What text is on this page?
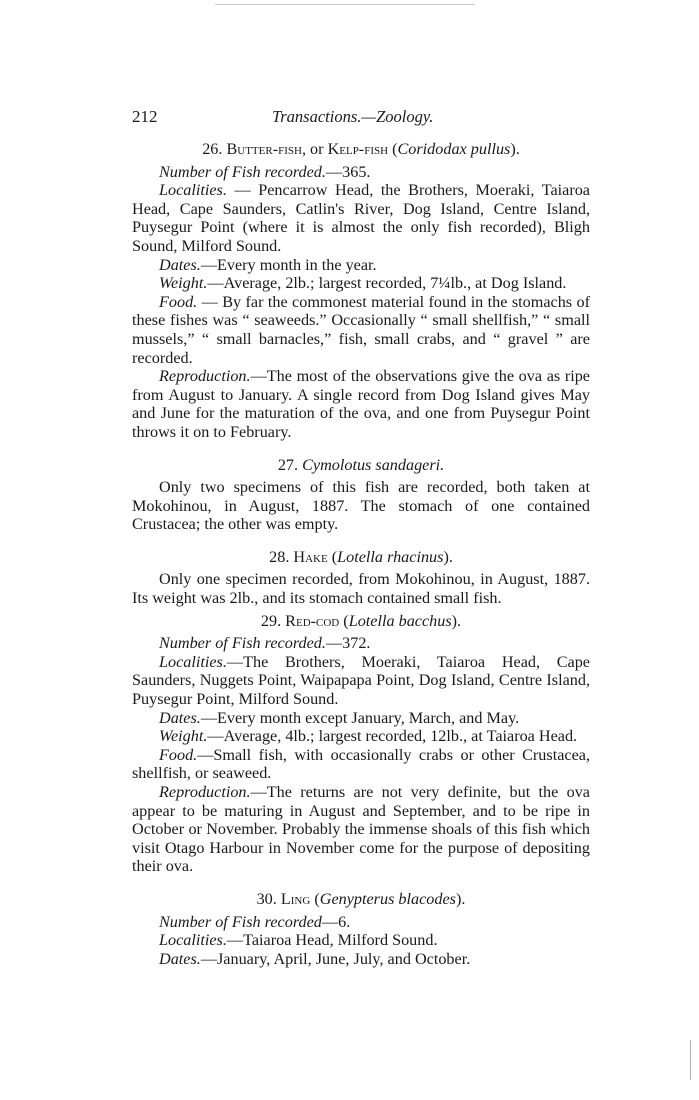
212	Transactions.—Zoology.
26. Butter-fish, or Kelp-fish (Coridodax pullus).

Number of Fish recorded.—365.

Localities. — Pencarrow Head, the Brothers, Moeraki, Taiaroa Head, Cape Saunders, Catlin's River, Dog Island, Centre Island, Puysegur Point (where it is almost the only fish recorded), Bligh Sound, Milford Sound.

Dates.—Every month in the year.

Weight.—Average, 2lb.; largest recorded, 7¼lb., at Dog Island.

Food. — By far the commonest material found in the stomachs of these fishes was “ seaweeds.” Occasionally “ small shellfish,” “ small mussels,” “ small barnacles,” fish, small crabs, and “ gravel ” are recorded.

Reproduction.—The most of the observations give the ova as ripe from August to January. A single record from Dog Island gives May and June for the maturation of the ova, and one from Puysegur Point throws it on to February.

27. Cymolotus sandageri.

Only two specimens of this fish are recorded, both taken at Mokohinou, in August, 1887. The stomach of one contained Crustacea; the other was empty.

28. Hake (Lotella rhacinus).

Only one specimen recorded, from Mokohinou, in August, 1887. Its weight was 2lb., and its stomach contained small fish.

29. Red-cod (Lotella bacchus).

Number of Fish recorded.—372.

Localities.—The Brothers, Moeraki, Taiaroa Head, Cape Saunders, Nuggets Point, Waipapapa Point, Dog Island, Centre Island, Puysegur Point, Milford Sound.

Dates.—Every month except January, March, and May.

Weight.—Average, 4lb.; largest recorded, 12lb., at Taiaroa Head.

Food.—Small fish, with occasionally crabs or other Crustacea, shellfish, or seaweed.

Reproduction.—The returns are not very definite, but the ova appear to be maturing in August and September, and to be ripe in October or November. Probably the immense shoals of this fish which visit Otago Harbour in November come for the purpose of depositing their ova.

30. Ling (Genypterus blacodes).

Number of Fish recorded—6.

Localities.—Taiaroa Head, Milford Sound.

Dates.—January, April, June, July, and October.
